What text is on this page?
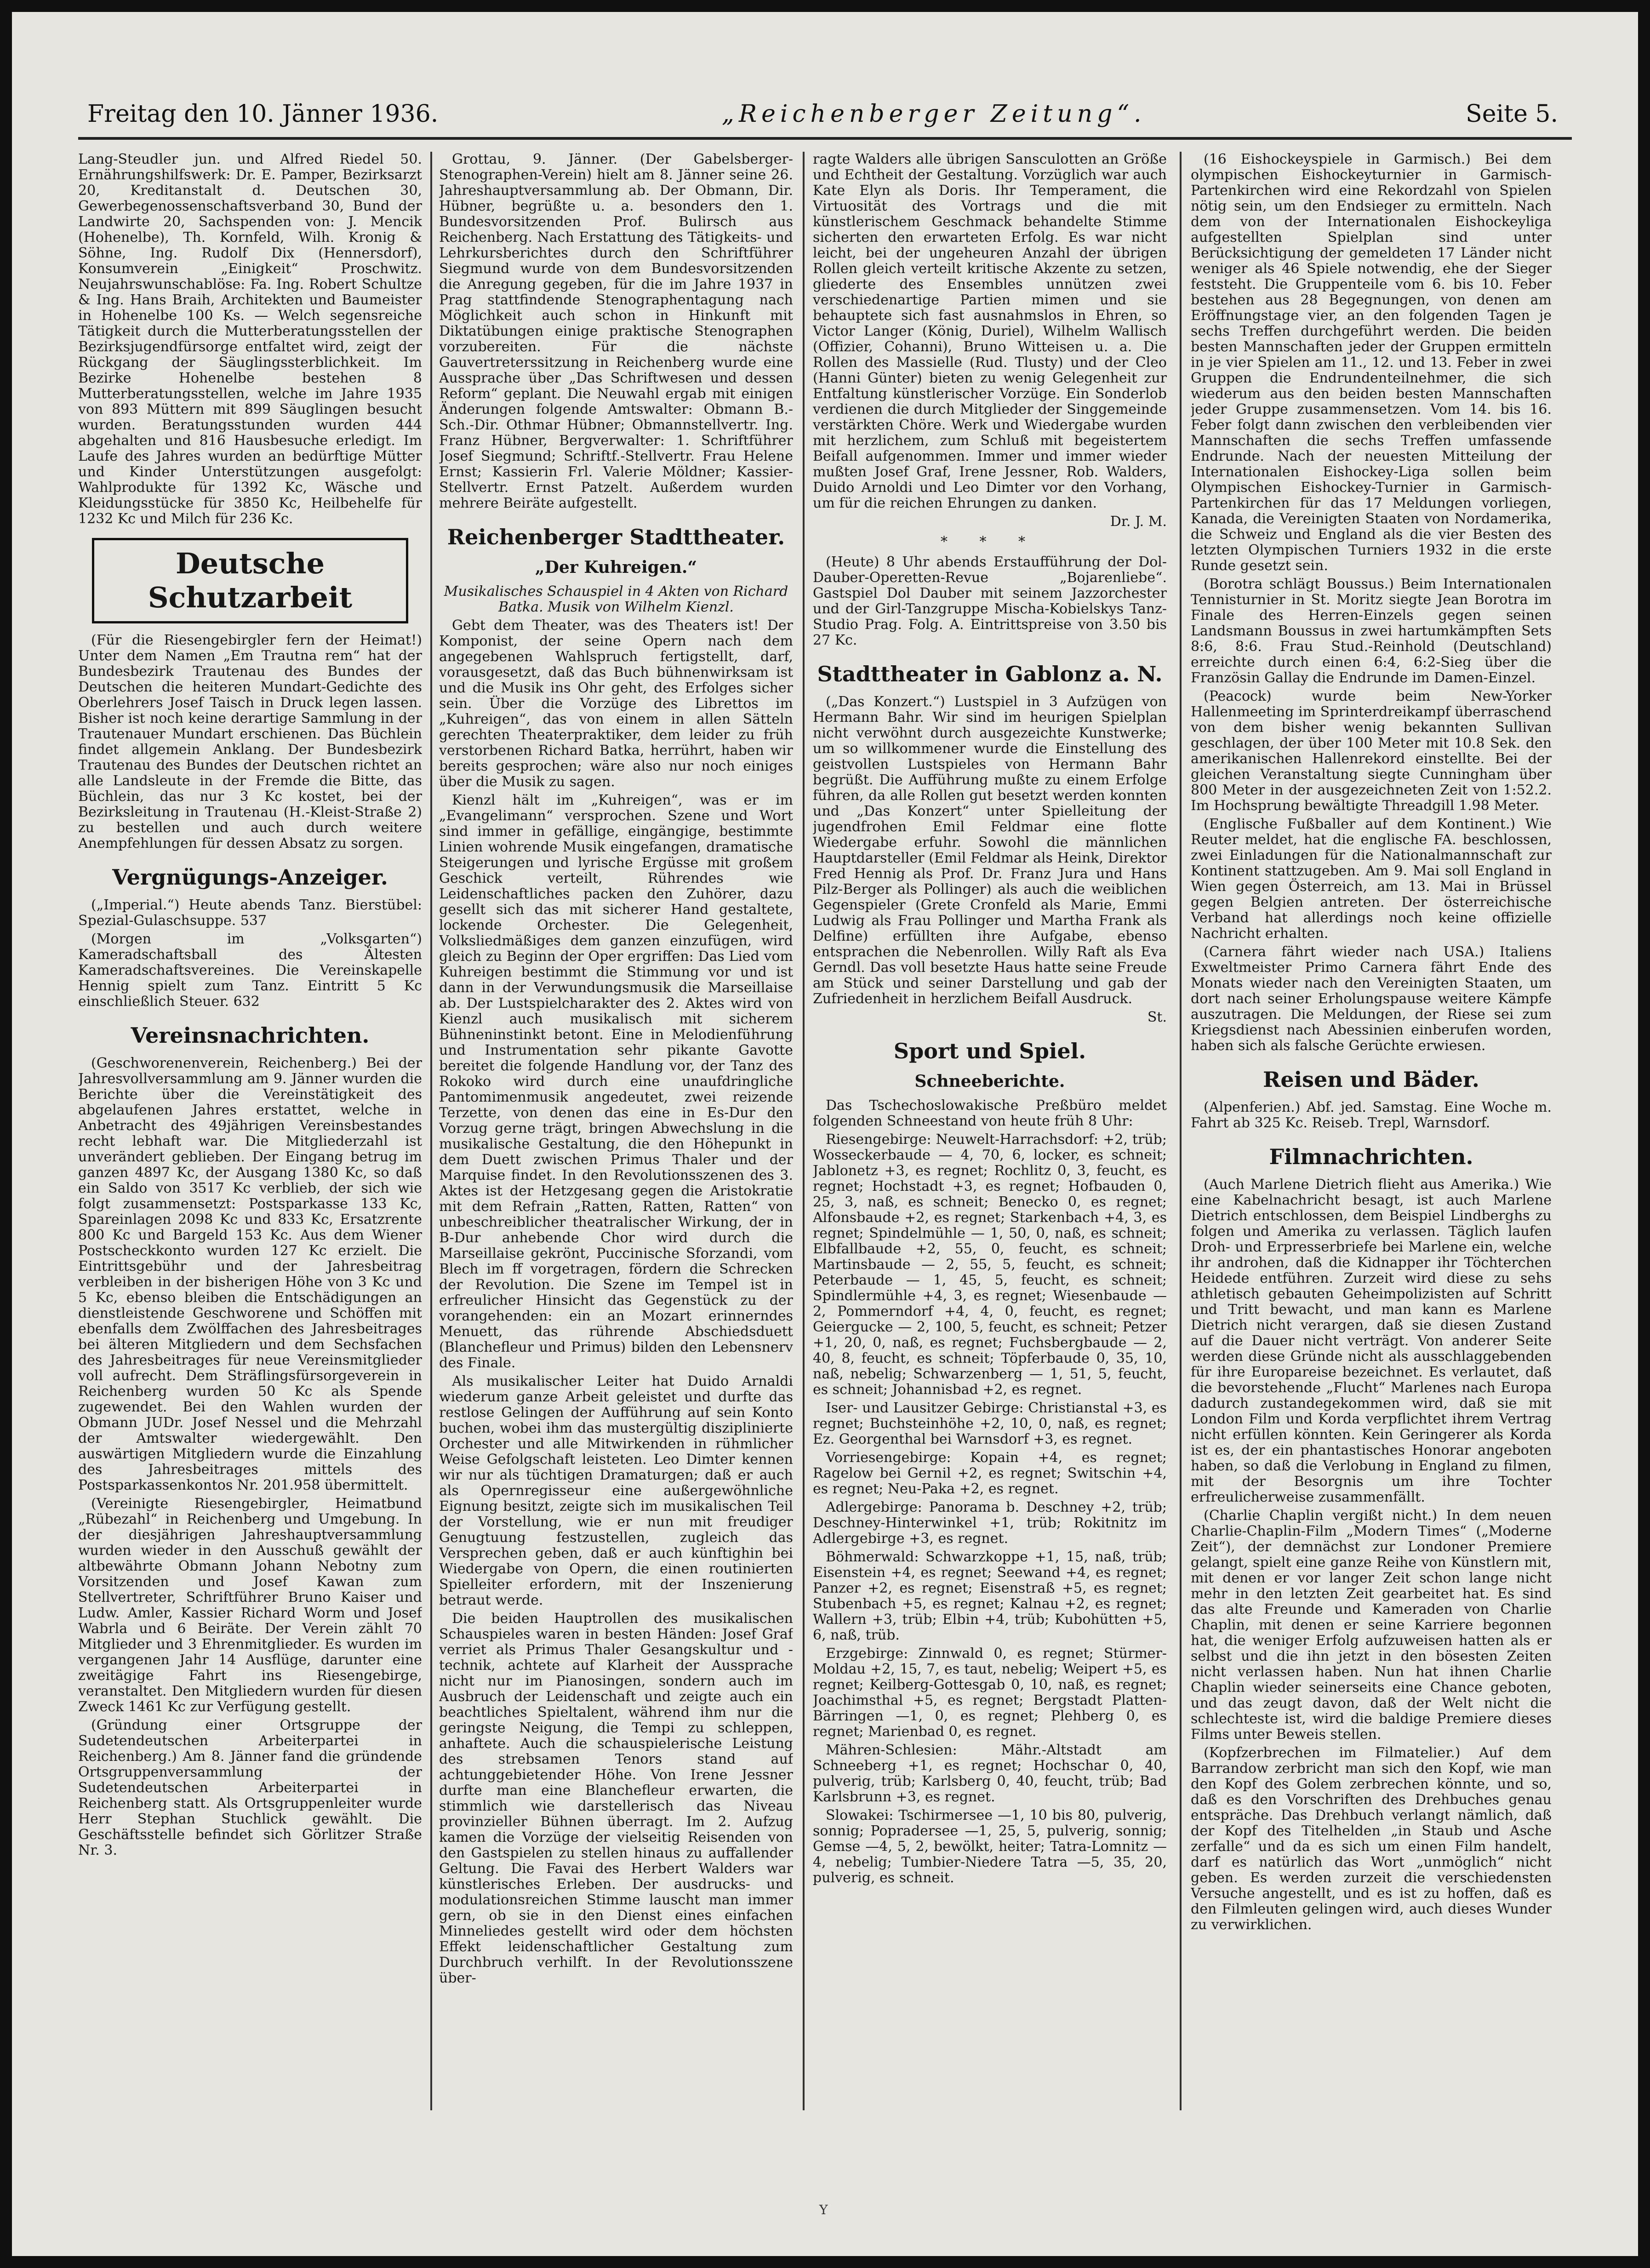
Freitag den 10. Jänner 1936.	„Reichenberger Zeitung“.	Seite 5.

Lang-Steudler jun. und Alfred Riedel 50. Ernährungshilfswerk: Dr. E. Pamper, Bezirksarzt 20, Kreditanstalt d. Deutschen 30, Gewerbegenossenschaftsverband 30, Bund der Landwirte 20, Sachspenden von: J. Mencik (Hohenelbe), Th. Kornfeld, Wilh. Kronig & Söhne, Ing. Rudolf Dix (Hennersdorf), Konsumverein „Einigkeit“ Proschwitz. Neujahrswunschablöse: Fa. Ing. Robert Schultze & Ing. Hans Braih, Architekten und Baumeister in Hohenelbe 100 Ks. — Welch segensreiche Tätigkeit durch die Mutterberatungsstellen der Bezirksjugendfürsorge entfaltet wird, zeigt der Rückgang der Säuglingssterblichkeit. Im Bezirke Hohenelbe bestehen 8 Mutterberatungsstellen, welche im Jahre 1935 von 893 Müttern mit 899 Säuglingen besucht wurden. Beratungsstunden wurden 444 abgehalten und 816 Hausbesuche erledigt. Im Laufe des Jahres wurden an bedürftige Mütter und Kinder Unterstützungen ausgefolgt: Wahlprodukte für 1392 Kc, Wäsche und Kleidungsstücke für 3850 Kc, Heilbehelfe für 1232 Kc und Milch für 236 Kc.

Deutsche Schutzarbeit

(Für die Riesengebirgler fern der Heimat!) Unter dem Namen „Em Trautna rem“ hat der Bundesbezirk Trautenau des Bundes der Deutschen die heiteren Mundart-Gedichte des Oberlehrers Josef Taisch in Druck legen lassen. Bisher ist noch keine derartige Sammlung in der Trautenauer Mundart erschienen. Das Büchlein findet allgemein Anklang. Der Bundesbezirk Trautenau des Bundes der Deutschen richtet an alle Landsleute in der Fremde die Bitte, das Büchlein, das nur 3 Kc kostet, bei der Bezirksleitung in Trautenau (H.-Kleist-Straße 2) zu bestellen und auch durch weitere Anempfehlungen für dessen Absatz zu sorgen.

Vergnügungs-Anzeiger.

(„Imperial.“) Heute abends Tanz. Bierstübel: Spezial-Gulaschsuppe. 537

(Morgen im „Volksgarten“) Kameradschaftsball des Ältesten Kameradschaftsvereines. Die Vereinskapelle Hennig spielt zum Tanz. Eintritt 5 Kc einschließlich Steuer. 632

Vereinsnachrichten.

(Geschworenenverein, Reichenberg.) Bei der Jahresvollversammlung am 9. Jänner wurden die Berichte über die Vereinstätigkeit des abgelaufenen Jahres erstattet, welche in Anbetracht des 49jährigen Vereinsbestandes recht lebhaft war. Die Mitgliederzahl ist unverändert geblieben. Der Eingang betrug im ganzen 4897 Kc, der Ausgang 1380 Kc, so daß ein Saldo von 3517 Kc verblieb, der sich wie folgt zusammensetzt: Postsparkasse 133 Kc, Spareinlagen 2098 Kc und 833 Kc, Ersatzrente 800 Kc und Bargeld 153 Kc. Aus dem Wiener Postscheckkonto wurden 127 Kc erzielt. Die Eintrittsgebühr und der Jahresbeitrag verbleiben in der bisherigen Höhe von 3 Kc und 5 Kc, ebenso bleiben die Entschädigungen an dienstleistende Geschworene und Schöffen mit ebenfalls dem Zwölffachen des Jahresbeitrages bei älteren Mitgliedern und dem Sechsfachen des Jahresbeitrages für neue Vereinsmitglieder voll aufrecht. Dem Sträflingsfürsorgeverein in Reichenberg wurden 50 Kc als Spende zugewendet. Bei den Wahlen wurden der Obmann JUDr. Josef Nessel und die Mehrzahl der Amtswalter wiedergewählt. Den auswärtigen Mitgliedern wurde die Einzahlung des Jahresbeitrages mittels des Postsparkassenkontos Nr. 201.958 übermittelt.

(Vereinigte Riesengebirgler, Heimatbund „Rübezahl“ in Reichenberg und Umgebung. In der diesjährigen Jahreshauptversammlung wurden wieder in den Ausschuß gewählt der altbewährte Obmann Johann Nebotny zum Vorsitzenden und Josef Kawan zum Stellvertreter, Schriftführer Bruno Kaiser und Ludw. Amler, Kassier Richard Worm und Josef Wabrla und 6 Beiräte. Der Verein zählt 70 Mitglieder und 3 Ehrenmitglieder. Es wurden im vergangenen Jahr 14 Ausflüge, darunter eine zweitägige Fahrt ins Riesengebirge, veranstaltet. Den Mitgliedern wurden für diesen Zweck 1461 Kc zur Verfügung gestellt.

(Gründung einer Ortsgruppe der Sudetendeutschen Arbeiterpartei in Reichenberg.) Am 8. Jänner fand die gründende Ortsgruppenversammlung der Sudetendeutschen Arbeiterpartei in Reichenberg statt. Als Ortsgruppenleiter wurde Herr Stephan Stuchlick gewählt. Die Geschäftsstelle befindet sich Görlitzer Straße Nr. 3.

Grottau, 9. Jänner. (Der Gabelsberger-Stenographen-Verein) hielt am 8. Jänner seine 26. Jahreshauptversammlung ab. Der Obmann, Dir. Hübner, begrüßte u. a. besonders den 1. Bundesvorsitzenden Prof. Bulirsch aus Reichenberg. Nach Erstattung des Tätigkeits- und Lehrkursberichtes durch den Schriftführer Siegmund wurde von dem Bundesvorsitzenden die Anregung gegeben, für die im Jahre 1937 in Prag stattfindende Stenographentagung nach Möglichkeit auch schon in Hinkunft mit Diktatübungen einige praktische Stenographen vorzubereiten. Für die nächste Gauvertreterssitzung in Reichenberg wurde eine Aussprache über „Das Schriftwesen und dessen Reform“ geplant. Die Neuwahl ergab mit einigen Änderungen folgende Amtswalter: Obmann B.-Sch.-Dir. Othmar Hübner; Obmannstellvertr. Ing. Franz Hübner, Bergverwalter: 1. Schriftführer Josef Siegmund; Schriftf.-Stellvertr. Frau Helene Ernst; Kassierin Frl. Valerie Möldner; Kassier-Stellvertr. Ernst Patzelt. Außerdem wurden mehrere Beiräte aufgestellt.

Reichenberger Stadttheater.
„Der Kuhreigen.“

Musikalisches Schauspiel in 4 Akten von Richard Batka. Musik von Wilhelm Kienzl.

Gebt dem Theater, was des Theaters ist! Der Komponist, der seine Opern nach dem angegebenen Wahlspruch fertigstellt, darf, vorausgesetzt, daß das Buch bühnenwirksam ist und die Musik ins Ohr geht, des Erfolges sicher sein. Über die Vorzüge des Librettos im „Kuhreigen“, das von einem in allen Sätteln gerechten Theaterpraktiker, dem leider zu früh verstorbenen Richard Batka, herrührt, haben wir bereits gesprochen; wäre also nur noch einiges über die Musik zu sagen.

Kienzl hält im „Kuhreigen“, was er im „Evangelimann“ versprochen. Szene und Wort sind immer in gefällige, eingängige, bestimmte Linien wohrende Musik eingefangen, dramatische Steigerungen und lyrische Ergüsse mit großem Geschick verteilt, Rührendes wie Leidenschaftliches packen den Zuhörer, dazu gesellt sich das mit sicherer Hand gestaltete, lockende Orchester. Die Gelegenheit, Volksliedmäßiges dem ganzen einzufügen, wird gleich zu Beginn der Oper ergriffen: Das Lied vom Kuhreigen bestimmt die Stimmung vor und ist dann in der Verwundungsmusik die Marseillaise ab. Der Lustspielcharakter des 2. Aktes wird von Kienzl auch musikalisch mit sicherem Bühneninstinkt betont. Eine in Melodienführung und Instrumentation sehr pikante Gavotte bereitet die folgende Handlung vor, der Tanz des Rokoko wird durch eine unaufdringliche Pantomimenmusik angedeutet, zwei reizende Terzette, von denen das eine in Es-Dur den Vorzug gerne trägt, bringen Abwechslung in die musikalische Gestaltung, die den Höhepunkt in dem Duett zwischen Primus Thaler und der Marquise findet. In den Revolutionsszenen des 3. Aktes ist der Hetzgesang gegen die Aristokratie mit dem Refrain „Ratten, Ratten, Ratten“ von unbeschreiblicher theatralischer Wirkung, der in B-Dur anhebende Chor wird durch die Marseillaise gekrönt, Puccinische Sforzandi, vom Blech im ff vorgetragen, fördern die Schrecken der Revolution. Die Szene im Tempel ist in erfreulicher Hinsicht das Gegenstück zu der vorangehenden: ein an Mozart erinnerndes Menuett, das rührende Abschiedsduett (Blanchefleur und Primus) bilden den Lebensnerv des Finale.

Als musikalischer Leiter hat Duido Arnaldi wiederum ganze Arbeit geleistet und durfte das restlose Gelingen der Aufführung auf sein Konto buchen, wobei ihm das mustergültig disziplinierte Orchester und alle Mitwirkenden in rühmlicher Weise Gefolgschaft leisteten. Leo Dimter kennen wir nur als tüchtigen Dramaturgen; daß er auch als Opernregisseur eine außergewöhnliche Eignung besitzt, zeigte sich im musikalischen Teil der Vorstellung, wie er nun mit freudiger Genugtuung festzustellen, zugleich das Versprechen geben, daß er auch künftighin bei Wiedergabe von Opern, die einen routinierten Spielleiter erfordern, mit der Inszenierung betraut werde.

Die beiden Hauptrollen des musikalischen Schauspieles waren in besten Händen: Josef Graf verriet als Primus Thaler Gesangskultur und -technik, achtete auf Klarheit der Aussprache nicht nur im Pianosingen, sondern auch im Ausbruch der Leidenschaft und zeigte auch ein beachtliches Spieltalent, während ihm nur die geringste Neigung, die Tempi zu schleppen, anhaftete. Auch die schauspielerische Leistung des strebsamen Tenors stand auf achtunggebietender Höhe. Von Irene Jessner durfte man eine Blanchefleur erwarten, die stimmlich wie darstellerisch das Niveau provinzieller Bühnen überragt. Im 2. Aufzug kamen die Vorzüge der vielseitig Reisenden von den Gastspielen zu stellen hinaus zu auffallender Geltung. Die Favai des Herbert Walders war künstlerisches Erleben. Der ausdrucks- und modulationsreichen Stimme lauscht man immer gern, ob sie in den Dienst eines einfachen Minneliedes gestellt wird oder dem höchsten Effekt leidenschaftlicher Gestaltung zum Durchbruch verhilft. In der Revolutionsszene über-

ragte Walders alle übrigen Sansculotten an Größe und Echtheit der Gestaltung. Vorzüglich war auch Kate Elyn als Doris. Ihr Temperament, die Virtuosität des Vortrags und die mit künstlerischem Geschmack behandelte Stimme sicherten den erwarteten Erfolg. Es war nicht leicht, bei der ungeheuren Anzahl der übrigen Rollen gleich verteilt kritische Akzente zu setzen, gliederte des Ensembles unnützen zwei verschiedenartige Partien mimen und sie behauptete sich fast ausnahmslos in Ehren, so Victor Langer (König, Duriel), Wilhelm Wallisch (Offizier, Cohanni), Bruno Witteisen u. a. Die Rollen des Massielle (Rud. Tlusty) und der Cleo (Hanni Günter) bieten zu wenig Gelegenheit zur Entfaltung künstlerischer Vorzüge. Ein Sonderlob verdienen die durch Mitglieder der Singgemeinde verstärkten Chöre. Werk und Wiedergabe wurden mit herzlichem, zum Schluß mit begeistertem Beifall aufgenommen. Immer und immer wieder mußten Josef Graf, Irene Jessner, Rob. Walders, Duido Arnoldi und Leo Dimter vor den Vorhang, um für die reichen Ehrungen zu danken.

Dr. J. M.

* * *

(Heute) 8 Uhr abends Erstaufführung der Dol-Dauber-Operetten-Revue „Bojarenliebe“. Gastspiel Dol Dauber mit seinem Jazzorchester und der Girl-Tanzgruppe Mischa-Kobielskys Tanz-Studio Prag. Folg. A. Eintrittspreise von 3.50 bis 27 Kc.

Stadttheater in Gablonz a. N.

(„Das Konzert.“) Lustspiel in 3 Aufzügen von Hermann Bahr. Wir sind im heurigen Spielplan nicht verwöhnt durch ausgezeichte Kunstwerke; um so willkommener wurde die Einstellung des geistvollen Lustspieles von Hermann Bahr begrüßt. Die Aufführung mußte zu einem Erfolge führen, da alle Rollen gut besetzt werden konnten und „Das Konzert“ unter Spielleitung der jugendfrohen Emil Feldmar eine flotte Wiedergabe erfuhr. Sowohl die männlichen Hauptdarsteller (Emil Feldmar als Heink, Direktor Fred Hennig als Prof. Dr. Franz Jura und Hans Pilz-Berger als Pollinger) als auch die weiblichen Gegenspieler (Grete Cronfeld als Marie, Emmi Ludwig als Frau Pollinger und Martha Frank als Delfine) erfüllten ihre Aufgabe, ebenso entsprachen die Nebenrollen. Willy Raft als Eva Gerndl. Das voll besetzte Haus hatte seine Freude am Stück und seiner Darstellung und gab der Zufriedenheit in herzlichem Beifall Ausdruck.

St.

Sport und Spiel.
Schneeberichte.

Das Tschechoslowakische Preßbüro meldet folgenden Schneestand von heute früh 8 Uhr:

Riesengebirge: Neuwelt-Harrachsdorf: +2, trüb; Wosseckerbaude — 4, 70, 6, locker, es schneit; Jablonetz +3, es regnet; Rochlitz 0, 3, feucht, es regnet; Hochstadt +3, es regnet; Hofbauden 0, 25, 3, naß, es schneit; Benecko 0, es regnet; Alfonsbaude +2, es regnet; Starkenbach +4, 3, es regnet; Spindelmühle — 1, 50, 0, naß, es schneit; Elbfallbaude +2, 55, 0, feucht, es schneit; Martinsbaude — 2, 55, 5, feucht, es schneit; Peterbaude — 1, 45, 5, feucht, es schneit; Spindlermühle +4, 3, es regnet; Wiesenbaude — 2, Pommerndorf +4, 4, 0, feucht, es regnet; Geiergucke — 2, 100, 5, feucht, es schneit; Petzer +1, 20, 0, naß, es regnet; Fuchsbergbaude — 2, 40, 8, feucht, es schneit; Töpferbaude 0, 35, 10, naß, nebelig; Schwarzenberg — 1, 51, 5, feucht, es schneit; Johannisbad +2, es regnet.

Iser- und Lausitzer Gebirge: Christianstal +3, es regnet; Buchsteinhöhe +2, 10, 0, naß, es regnet; Ez. Georgenthal bei Warnsdorf +3, es regnet.

Vorriesengebirge: Kopain +4, es regnet; Ragelow bei Gernil +2, es regnet; Switschin +4, es regnet; Neu-Paka +2, es regnet.

Adlergebirge: Panorama b. Deschney +2, trüb; Deschney-Hinterwinkel +1, trüb; Rokitnitz im Adlergebirge +3, es regnet.

Böhmerwald: Schwarzkoppe +1, 15, naß, trüb; Eisenstein +4, es regnet; Seewand +4, es regnet; Panzer +2, es regnet; Eisenstraß +5, es regnet; Stubenbach +5, es regnet; Kalnau +2, es regnet; Wallern +3, trüb; Elbin +4, trüb; Kubohütten +5, 6, naß, trüb.

Erzgebirge: Zinnwald 0, es regnet; Stürmer-Moldau +2, 15, 7, es taut, nebelig; Weipert +5, es regnet; Keilberg-Gottesgab 0, 10, naß, es regnet; Joachimsthal +5, es regnet; Bergstadt Platten-Bärringen —1, 0, es regnet; Plehberg 0, es regnet; Marienbad 0, es regnet.

Mähren-Schlesien: Mähr.-Altstadt am Schneeberg +1, es regnet; Hochschar 0, 40, pulverig, trüb; Karlsberg 0, 40, feucht, trüb; Bad Karlsbrunn +3, es regnet.

Slowakei: Tschirmersee —1, 10 bis 80, pulverig, sonnig; Popradersee —1, 25, 5, pulverig, sonnig; Gemse —4, 5, 2, bewölkt, heiter; Tatra-Lomnitz —4, nebelig; Tumbier-Niedere Tatra —5, 35, 20, pulverig, es schneit.

(16 Eishockeyspiele in Garmisch.) Bei dem olympischen Eishockeyturnier in Garmisch-Partenkirchen wird eine Rekordzahl von Spielen nötig sein, um den Endsieger zu ermitteln. Nach dem von der Internationalen Eishockeyliga aufgestellten Spielplan sind unter Berücksichtigung der gemeldeten 17 Länder nicht weniger als 46 Spiele notwendig, ehe der Sieger feststeht. Die Gruppenteile vom 6. bis 10. Feber bestehen aus 28 Begegnungen, von denen am Eröffnungstage vier, an den folgenden Tagen je sechs Treffen durchgeführt werden. Die beiden besten Mannschaften jeder der Gruppen ermitteln in je vier Spielen am 11., 12. und 13. Feber in zwei Gruppen die Endrundenteilnehmer, die sich wiederum aus den beiden besten Mannschaften jeder Gruppe zusammensetzen. Vom 14. bis 16. Feber folgt dann zwischen den verbleibenden vier Mannschaften die sechs Treffen umfassende Endrunde. Nach der neuesten Mitteilung der Internationalen Eishockey-Liga sollen beim Olympischen Eishockey-Turnier in Garmisch-Partenkirchen für das 17 Meldungen vorliegen, Kanada, die Vereinigten Staaten von Nordamerika, die Schweiz und England als die vier Besten des letzten Olympischen Turniers 1932 in die erste Runde gesetzt sein.

(Borotra schlägt Boussus.) Beim Internationalen Tennisturnier in St. Moritz siegte Jean Borotra im Finale des Herren-Einzels gegen seinen Landsmann Boussus in zwei hartumkämpften Sets 8:6, 8:6. Frau Stud.-Reinhold (Deutschland) erreichte durch einen 6:4, 6:2-Sieg über die Französin Gallay die Endrunde im Damen-Einzel.

(Peacock) wurde beim New-Yorker Hallenmeeting im Sprinterdreikampf überraschend von dem bisher wenig bekannten Sullivan geschlagen, der über 100 Meter mit 10.8 Sek. den amerikanischen Hallenrekord einstellte. Bei der gleichen Veranstaltung siegte Cunningham über 800 Meter in der ausgezeichneten Zeit von 1:52.2. Im Hochsprung bewältigte Threadgill 1.98 Meter.

(Englische Fußballer auf dem Kontinent.) Wie Reuter meldet, hat die englische FA. beschlossen, zwei Einladungen für die Nationalmannschaft zur Kontinent stattzugeben. Am 9. Mai soll England in Wien gegen Österreich, am 13. Mai in Brüssel gegen Belgien antreten. Der österreichische Verband hat allerdings noch keine offizielle Nachricht erhalten.

(Carnera fährt wieder nach USA.) Italiens Exweltmeister Primo Carnera fährt Ende des Monats wieder nach den Vereinigten Staaten, um dort nach seiner Erholungspause weitere Kämpfe auszutragen. Die Meldungen, der Riese sei zum Kriegsdienst nach Abessinien einberufen worden, haben sich als falsche Gerüchte erwiesen.

Reisen und Bäder.

(Alpenferien.) Abf. jed. Samstag. Eine Woche m. Fahrt ab 325 Kc. Reiseb. Trepl, Warnsdorf.

Filmnachrichten.

(Auch Marlene Dietrich flieht aus Amerika.) Wie eine Kabelnachricht besagt, ist auch Marlene Dietrich entschlossen, dem Beispiel Lindberghs zu folgen und Amerika zu verlassen. Täglich laufen Droh- und Erpresserbriefe bei Marlene ein, welche ihr androhen, daß die Kidnapper ihr Töchterchen Heidede entführen. Zurzeit wird diese zu sehs athletisch gebauten Geheimpolizisten auf Schritt und Tritt bewacht, und man kann es Marlene Dietrich nicht verargen, daß sie diesen Zustand auf die Dauer nicht verträgt. Von anderer Seite werden diese Gründe nicht als ausschlaggebenden für ihre Europareise bezeichnet. Es verlautet, daß die bevorstehende „Flucht“ Marlenes nach Europa dadurch zustandegekommen wird, daß sie mit London Film und Korda verpflichtet ihrem Vertrag nicht erfüllen könnten. Kein Geringerer als Korda ist es, der ein phantastisches Honorar angeboten haben, so daß die Verlobung in England zu filmen, mit der Besorgnis um ihre Tochter erfreulicherweise zusammenfällt.

(Charlie Chaplin vergißt nicht.) In dem neuen Charlie-Chaplin-Film „Modern Times“ („Moderne Zeit“), der demnächst zur Londoner Premiere gelangt, spielt eine ganze Reihe von Künstlern mit, mit denen er vor langer Zeit schon lange nicht mehr in den letzten Zeit gearbeitet hat. Es sind das alte Freunde und Kameraden von Charlie Chaplin, mit denen er seine Karriere begonnen hat, die weniger Erfolg aufzuweisen hatten als er selbst und die ihn jetzt in den bösesten Zeiten nicht verlassen haben. Nun hat ihnen Charlie Chaplin wieder seinerseits eine Chance geboten, und das zeugt davon, daß der Welt nicht die schlechteste ist, wird die baldige Premiere dieses Films unter Beweis stellen.

(Kopfzerbrechen im Filmatelier.) Auf dem Barrandow zerbricht man sich den Kopf, wie man den Kopf des Golem zerbrechen könnte, und so, daß es den Vorschriften des Drehbuches genau entspräche. Das Drehbuch verlangt nämlich, daß der Kopf des Titelhelden „in Staub und Asche zerfalle“ und da es sich um einen Film handelt, darf es natürlich das Wort „unmöglich“ nicht geben. Es werden zurzeit die verschiedensten Versuche angestellt, und es ist zu hoffen, daß es den Filmleuten gelingen wird, auch dieses Wunder zu verwirklichen.

Y
